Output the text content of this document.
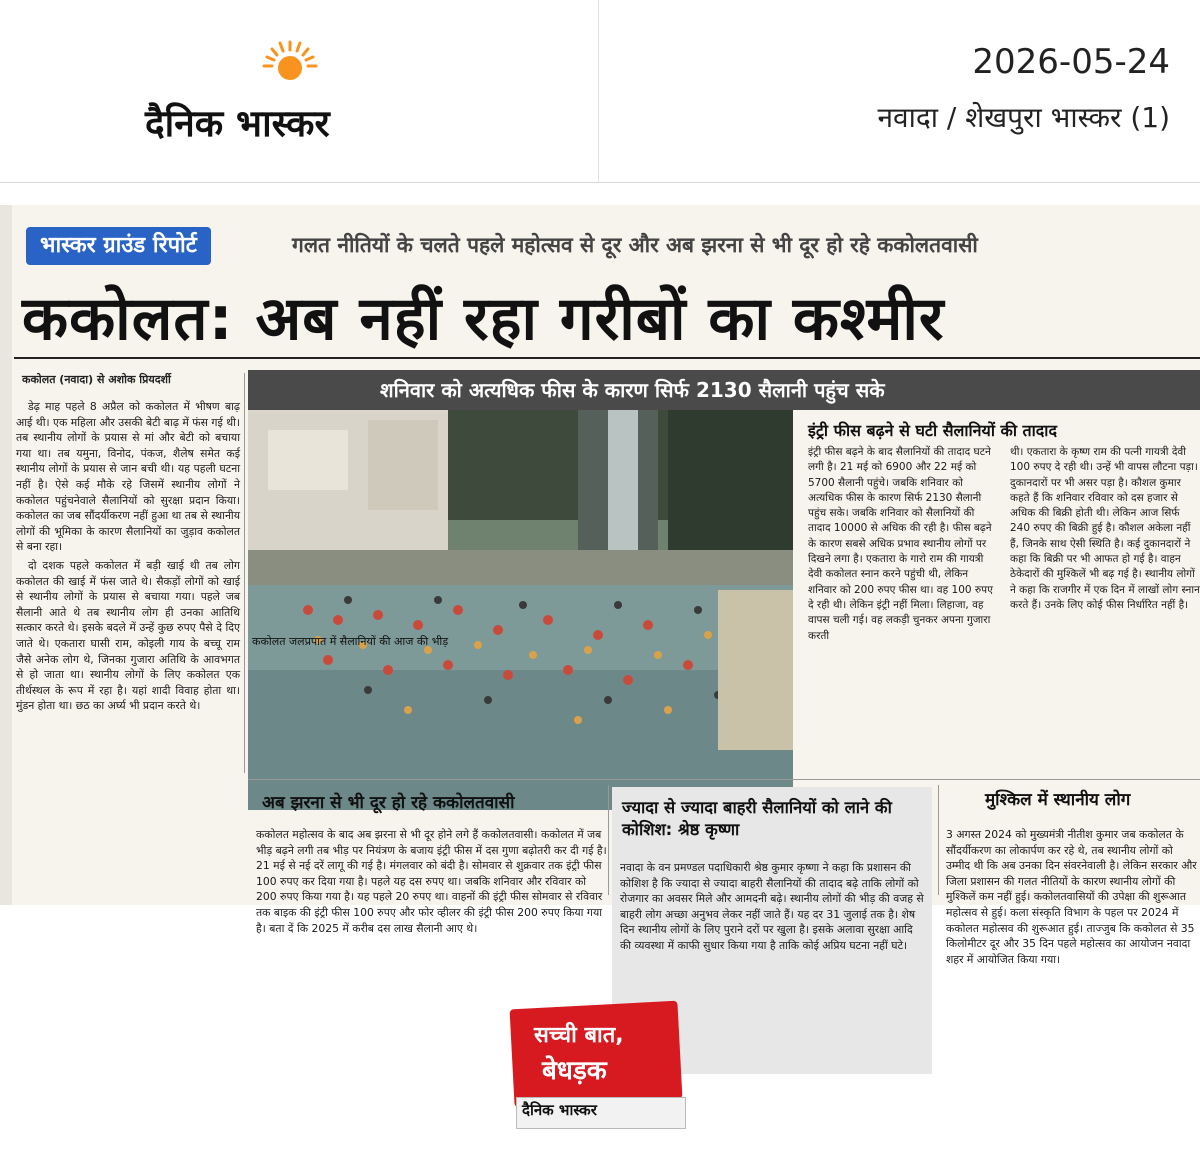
दैनिक भास्कर
2026-05-24
नवादा / शेखपुरा भास्कर (1)
भास्कर ग्राउंड रिपोर्ट	गलत नीतियों के चलते पहले महोत्सव से दूर और अब झरना से भी दूर हो रहे ककोलतवासी
ककोलत: अब नहीं रहा गरीबों का कश्मीर
ककोलत (नवादा) से अशोक प्रियदर्शी

डेढ़ माह पहले 8 अप्रैल को ककोलत में भीषण बाढ़ आई थी। एक महिला और उसकी बेटी बाढ़ में फंस गई थी। तब स्थानीय लोगों के प्रयास से मां और बेटी को बचाया गया था। तब यमुना, विनोद, पंकज, शैलेष समेत कई स्थानीय लोगों के प्रयास से जान बची थी। यह पहली घटना नहीं है। ऐसे कई मौके रहे जिसमें स्थानीय लोगों ने ककोलत पहुंचनेवाले सैलानियों को सुरक्षा प्रदान किया। ककोलत का जब सौंदर्यीकरण नहीं हुआ था तब से स्थानीय लोगों की भूमिका के कारण सैलानियों का जुड़ाव ककोलत से बना रहा।

दो दशक पहले ककोलत में बड़ी खाई थी तब लोग ककोलत की खाई में फंस जाते थे। सैकड़ों लोगों को खाई से स्थानीय लोगों के प्रयास से बचाया गया। पहले जब सैलानी आते थे तब स्थानीय लोग ही उनका आतिथि सत्कार करते थे। इसके बदले में उन्हें कुछ रुपए पैसे दे दिए जाते थे। एकतारा घासी राम, कोइली गाय के बच्चू राम जैसे अनेक लोग थे, जिनका गुजारा अतिथि के आवभगत से हो जाता था। स्थानीय लोगों के लिए ककोलत एक तीर्थस्थल के रूप में रहा है। यहां शादी विवाह होता था। मुंडन होता था। छठ का अर्घ्य भी प्रदान करते थे।

शनिवार को अत्यधिक फीस के कारण सिर्फ 2130 सैलानी पहुंच सके
ककोलत जलप्रपात में सैलानियों की आज की भीड़
इंट्री फीस बढ़ने से घटी सैलानियों की तादाद
इंट्री फीस बढ़ने के बाद सैलानियों की तादाद घटने लगी है। 21 मई को 6900 और 22 मई को 5700 सैलानी पहुंचे। जबकि शनिवार को अत्यधिक फीस के कारण सिर्फ 2130 सैलानी पहुंच सके। जबकि शनिवार को सैलानियों की तादाद 10000 से अधिक की रही है। फीस बढ़ने के कारण सबसे अधिक प्रभाव स्थानीय लोगों पर दिखने लगा है। एकतारा के गारो राम की गायत्री देवी ककोलत स्नान करने पहुंची थी, लेकिन शनिवार को 200 रुपए फीस था। वह 100 रुपए दे रही थी। लेकिन इंट्री नहीं मिला। लिहाजा, वह वापस चली गई। वह लकड़ी चुनकर अपना गुजारा करती
थी। एकतारा के कृष्ण राम की पत्नी गायत्री देवी 100 रुपए दे रही थी। उन्हें भी वापस लौटना पड़ा। दुकानदारों पर भी असर पड़ा है। कौशल कुमार कहते हैं कि शनिवार रविवार को दस हजार से अधिक की बिक्री होती थी। लेकिन आज सिर्फ 240 रुपए की बिक्री हुई है। कौशल अकेला नहीं हैं, जिनके साथ ऐसी स्थिति है। कई दुकानदारों ने कहा कि बिक्री पर भी आफत हो गई है। वाहन ठेकेदारों की मुश्किलें भी बढ़ गई है। स्थानीय लोगों ने कहा कि राजगीर में एक दिन में लाखों लोग स्नान करते हैं। उनके लिए कोई फीस निर्धारित नहीं है।
अब झरना से भी दूर हो रहे ककोलतवासी
ककोलत महोत्सव के बाद अब झरना से भी दूर होने लगे हैं ककोलतवासी। ककोलत में जब भीड़ बढ़ने लगी तब भीड़ पर नियंत्रण के बजाय इंट्री फीस में दस गुणा बढ़ोतरी कर दी गई है। 21 मई से नई दरें लागू की गई है। मंगलवार को बंदी है। सोमवार से शुक्रवार तक इंट्री फीस 100 रुपए कर दिया गया है। पहले यह दस रुपए था। जबकि शनिवार और रविवार को 200 रुपए किया गया है। यह पहले 20 रुपए था। वाहनों की इंट्री फीस सोमवार से रविवार तक बाइक की इंट्री फीस 100 रुपए और फोर व्हीलर की इंट्री फीस 200 रुपए किया गया है। बता दें कि 2025 में करीब दस लाख सैलानी आए थे।
ज्यादा से ज्यादा बाहरी सैलानियों को लाने की कोशिश: श्रेष्ठ कृष्णा
नवादा के वन प्रमण्डल पदाधिकारी श्रेष्ठ कुमार कृष्णा ने कहा कि प्रशासन की कोशिश है कि ज्यादा से ज्यादा बाहरी सैलानियों की तादाद बढ़े ताकि लोगों को रोजगार का अवसर मिले और आमदनी बढ़े। स्थानीय लोगों की भीड़ की वजह से बाहरी लोग अच्छा अनुभव लेकर नहीं जाते हैं। यह दर 31 जुलाई तक है। शेष दिन स्थानीय लोगों के लिए पुराने दरों पर खुला है। इसके अलावा सुरक्षा आदि की व्यवस्था में काफी सुधार किया गया है ताकि कोई अप्रिय घटना नहीं घटे।
मुश्किल में स्थानीय लोग
3 अगस्त 2024 को मुख्यमंत्री नीतीश कुमार जब ककोलत के सौंदर्यीकरण का लोकार्पण कर रहे थे, तब स्थानीय लोगों को उम्मीद थी कि अब उनका दिन संवरनेवाली है। लेकिन सरकार और जिला प्रशासन की गलत नीतियों के कारण स्थानीय लोगों की मुश्किलें कम नहीं हुई। ककोलतवासियों की उपेक्षा की शुरूआत महोत्सव से हुई। कला संस्कृति विभाग के पहल पर 2024 में ककोलत महोत्सव की शुरूआत हुई। ताज्जुब कि ककोलत से 35 किलोमीटर दूर और 35 दिन पहले महोत्सव का आयोजन नवादा शहर में आयोजित किया गया।
सच्ची बात,
बेधड़क
दैनिक भास्कर
